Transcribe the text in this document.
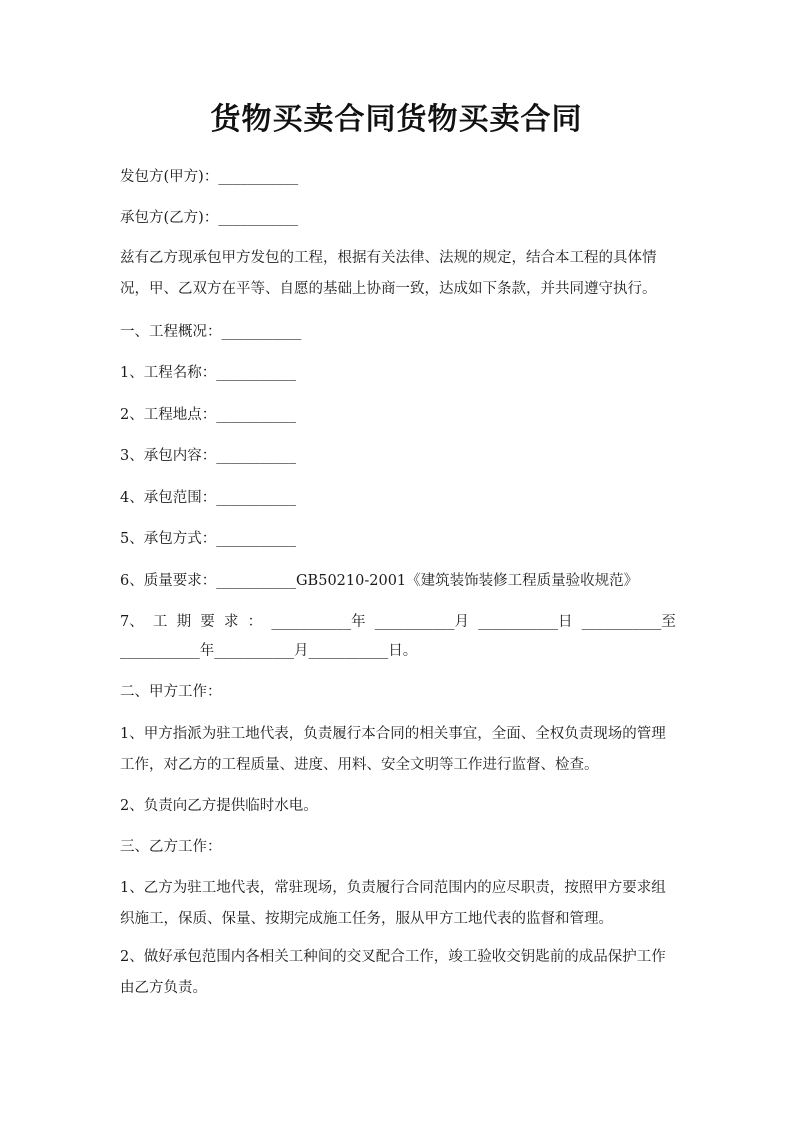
货物买卖合同货物买卖合同

发包方(甲方)：___________

承包方(乙方)：___________

兹有乙方现承包甲方发包的工程，根据有关法律、法规的规定，结合本工程的具体情况，甲、乙双方在平等、自愿的基础上协商一致，达成如下条款，并共同遵守执行。

一、工程概况：___________

1、工程名称：___________

2、工程地点：___________

3、承包内容：___________

4、承包范围：___________

5、承包方式：___________

6、质量要求：___________GB50210-2001《建筑装饰装修工程质量验收规范》

7、 工 期 要 求 ： ___________年 ___________月 ___________日 ___________至

___________年___________月___________日。

二、甲方工作：

1、甲方指派为驻工地代表，负责履行本合同的相关事宜，全面、全权负责现场的管理工作，对乙方的工程质量、进度、用料、安全文明等工作进行监督、检查。

2、负责向乙方提供临时水电。

三、乙方工作：

1、乙方为驻工地代表，常驻现场，负责履行合同范围内的应尽职责，按照甲方要求组织施工，保质、保量、按期完成施工任务，服从甲方工地代表的监督和管理。

2、做好承包范围内各相关工种间的交叉配合工作，竣工验收交钥匙前的成品保护工作由乙方负责。
